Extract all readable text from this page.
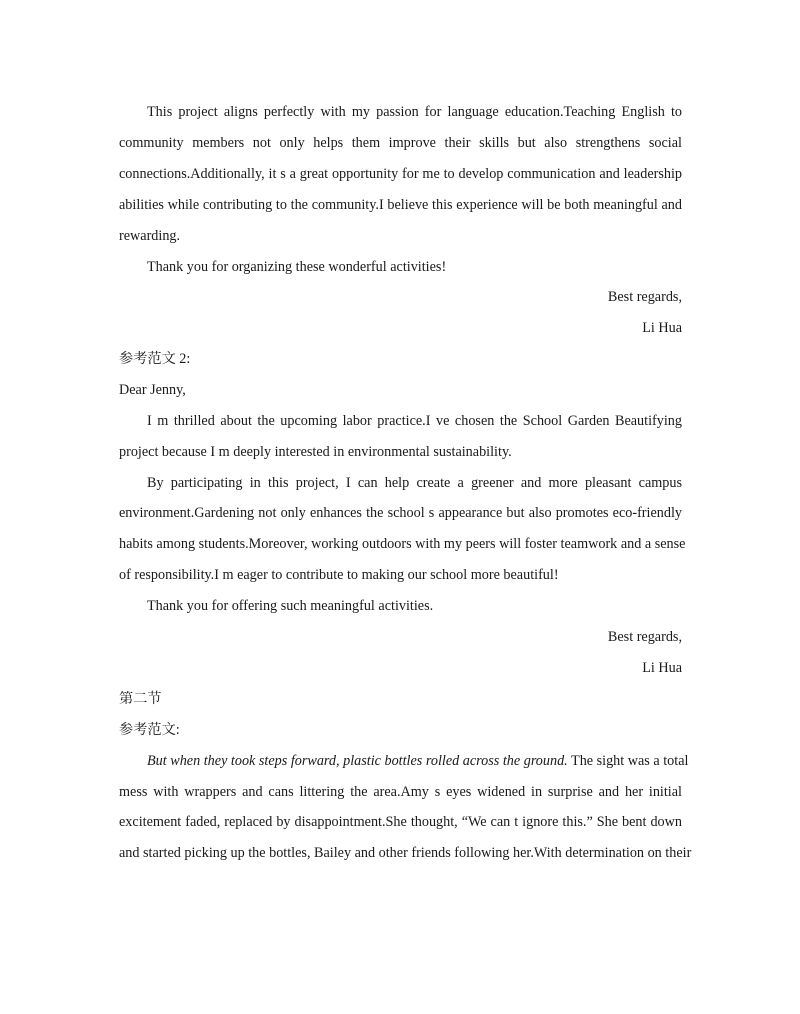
This project aligns perfectly with my passion for language education.Teaching English to
community members not only helps them improve their skills but also strengthens social
connections.Additionally, it s a great opportunity for me to develop communication and leadership
abilities while contributing to the community.I believe this experience will be both meaningful and
rewarding.
Thank you for organizing these wonderful activities!
Best regards,
Li Hua
参考范文 2:
Dear Jenny,
I m thrilled about the upcoming labor practice.I ve chosen the School Garden Beautifying
project because I m deeply interested in environmental sustainability.
By participating in this project, I can help create a greener and more pleasant campus
environment.Gardening not only enhances the school s appearance but also promotes eco-friendly
habits among students.Moreover, working outdoors with my peers will foster teamwork and a sense
of responsibility.I m eager to contribute to making our school more beautiful!
Thank you for offering such meaningful activities.
Best regards,
Li Hua
第二节
参考范文:
But when they took steps forward, plastic bottles rolled across the ground. The sight was a total
mess with wrappers and cans littering the area.Amy s eyes widened in surprise and her initial
excitement faded, replaced by disappointment.She thought, “We can t ignore this.” She bent down
and started picking up the bottles, Bailey and other friends following her.With determination on their
